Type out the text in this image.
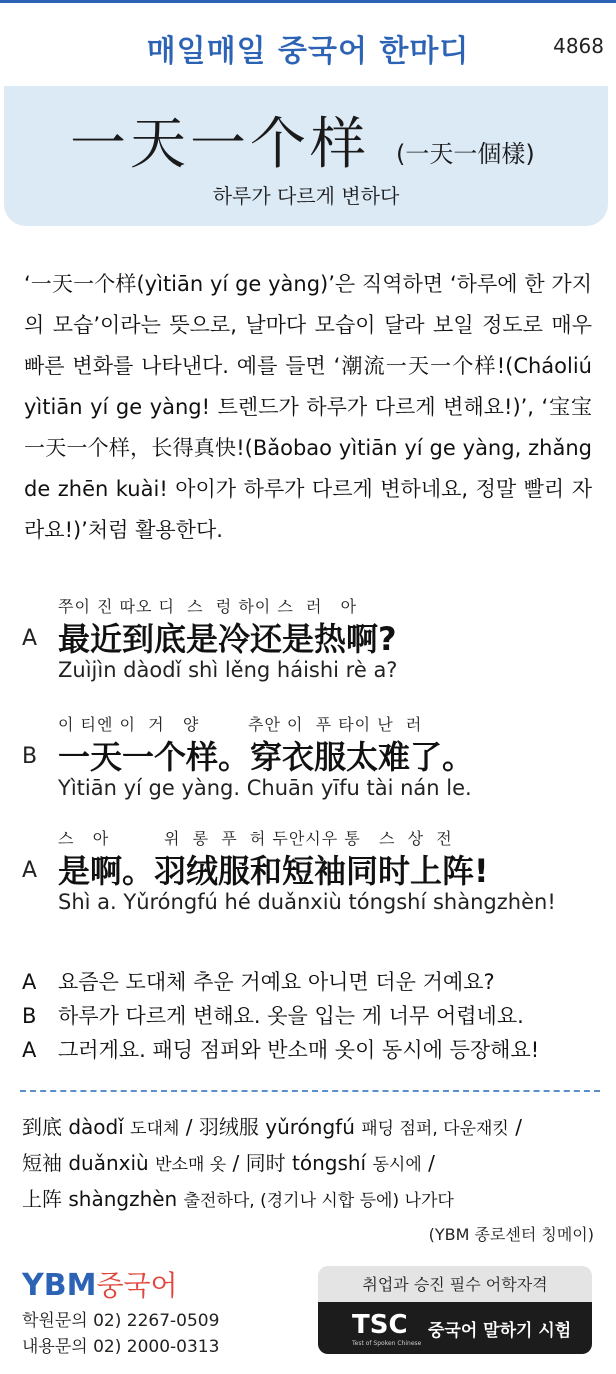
매일매일 중국어 한마디	4868
一天一个样 (一天一個樣)
하루가 다르게 변하다
‘一天一个样(yìtiān yí ge yàng)’은 직역하면 ‘하루에 한 가지의 모습’이라는 뜻으로, 날마다 모습이 달라 보일 정도로 매우 빠른 변화를 나타낸다. 예를 들면 ‘潮流一天一个样!(Cháoliú yìtiān yí ge yàng! 트렌드가 하루가 다르게 변해요!)’, ‘宝宝一天一个样，长得真快!(Bǎobao yìtiān yí ge yàng, zhǎng de zhēn kuài! 아이가 하루가 다르게 변하네요, 정말 빨리 자라요!)’처럼 활용한다.
A
쭈이 진 따오 디  스  렁 하이 스  러   아
最近到底是冷还是热啊?
Zuìjìn dàodǐ shì lěng háishi rè a?
B
이 티엔 이  거   양        추안 이  푸 타이 난  러
一天一个样。穿衣服太难了。
Yìtiān yí ge yàng. Chuān yīfu tài nán le.
A
스   아         위  롱  푸  허 두안시우 통   스  상  전
是啊。羽绒服和短袖同时上阵!
Shì a. Yǔróngfú hé duǎnxiù tóngshí shàngzhèn!
A 요즘은 도대체 추운 거예요 아니면 더운 거예요?
B 하루가 다르게 변해요. 옷을 입는 게 너무 어렵네요.
A 그러게요. 패딩 점퍼와 반소매 옷이 동시에 등장해요!
到底 dàodǐ 도대체 / 羽绒服 yǔróngfú 패딩 점퍼, 다운재킷 /
短袖 duǎnxiù 반소매 옷 / 同时 tóngshí 동시에 /
上阵 shàngzhèn 출전하다, (경기나 시합 등에) 나가다
(YBM 종로센터 칭메이)
YBM중국어
학원문의 02) 2267-0509
내용문의 02) 2000-0313
취업과 승진 필수 어학자격
TSC
Test of Spoken Chinese
중국어 말하기 시험
